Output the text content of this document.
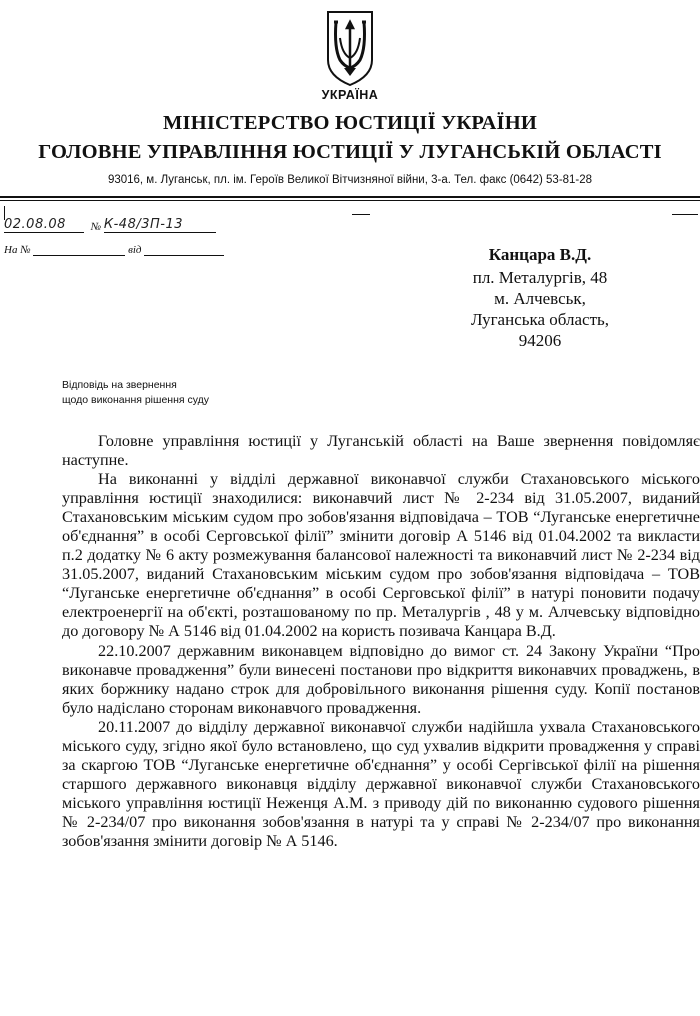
УКРАЇНА
МІНІСТЕРСТВО ЮСТИЦІЇ УКРАЇНИ
ГОЛОВНЕ УПРАВЛІННЯ ЮСТИЦІЇ У ЛУГАНСЬКІЙ ОБЛАСТІ
93016, м. Луганськ, пл. ім. Героїв Великої Вітчизняної війни, 3-а. Тел. факс (0642) 53-81-28
02.08.08 № К-48/3П-13
На №	від	Канцара В.Д.
пл. Металургів, 48
м. Алчевськ,
Луганська область,
94206
Відповідь на звернення
щодо виконання рішення суду

Головне управління юстиції у Луганській області на Ваше звернення повідомляє наступне.

На виконанні у відділі державної виконавчої служби Стахановського міського управління юстиції знаходилися: виконавчий лист № 2-234 від 31.05.2007, виданий Стахановським міським судом про зобов'язання відповідача – ТОВ “Луганське енергетичне об'єднання” в особі Серговської філії” змінити договір А 5146 від 01.04.2002 та викласти п.2 додатку № 6 акту розмежування балансової належності та виконавчий лист № 2-234 від 31.05.2007, виданий Стахановським міським судом про зобов'язання відповідача – ТОВ “Луганське енергетичне об'єднання” в особі Серговської філії” в натурі поновити подачу електроенергії на об'єкті, розташованому по пр. Металургів , 48 у м. Алчевську відповідно до договору № А 5146 від 01.04.2002 на користь позивача Канцара В.Д.

22.10.2007 державним виконавцем відповідно до вимог ст. 24 Закону України “Про виконавче провадження” були винесені постанови про відкриття виконавчих проваджень, в яких боржнику надано строк для добровільного виконання рішення суду. Копії постанов було надіслано сторонам виконавчого провадження.

20.11.2007 до відділу державної виконавчої служби надійшла ухвала Стахановського міського суду, згідно якої було встановлено, що суд ухвалив відкрити провадження у справі за скаргою ТОВ “Луганське енергетичне об'єднання” у особі Сергівської філії на рішення старшого державного виконавця відділу державної виконавчої служби Стахановського міського управління юстиції Неженця А.М. з приводу дій по виконанню судового рішення № 2-234/07 про виконання зобов'язання в натурі та у справі № 2-234/07 про виконання зобов'язання змінити договір № А 5146.
